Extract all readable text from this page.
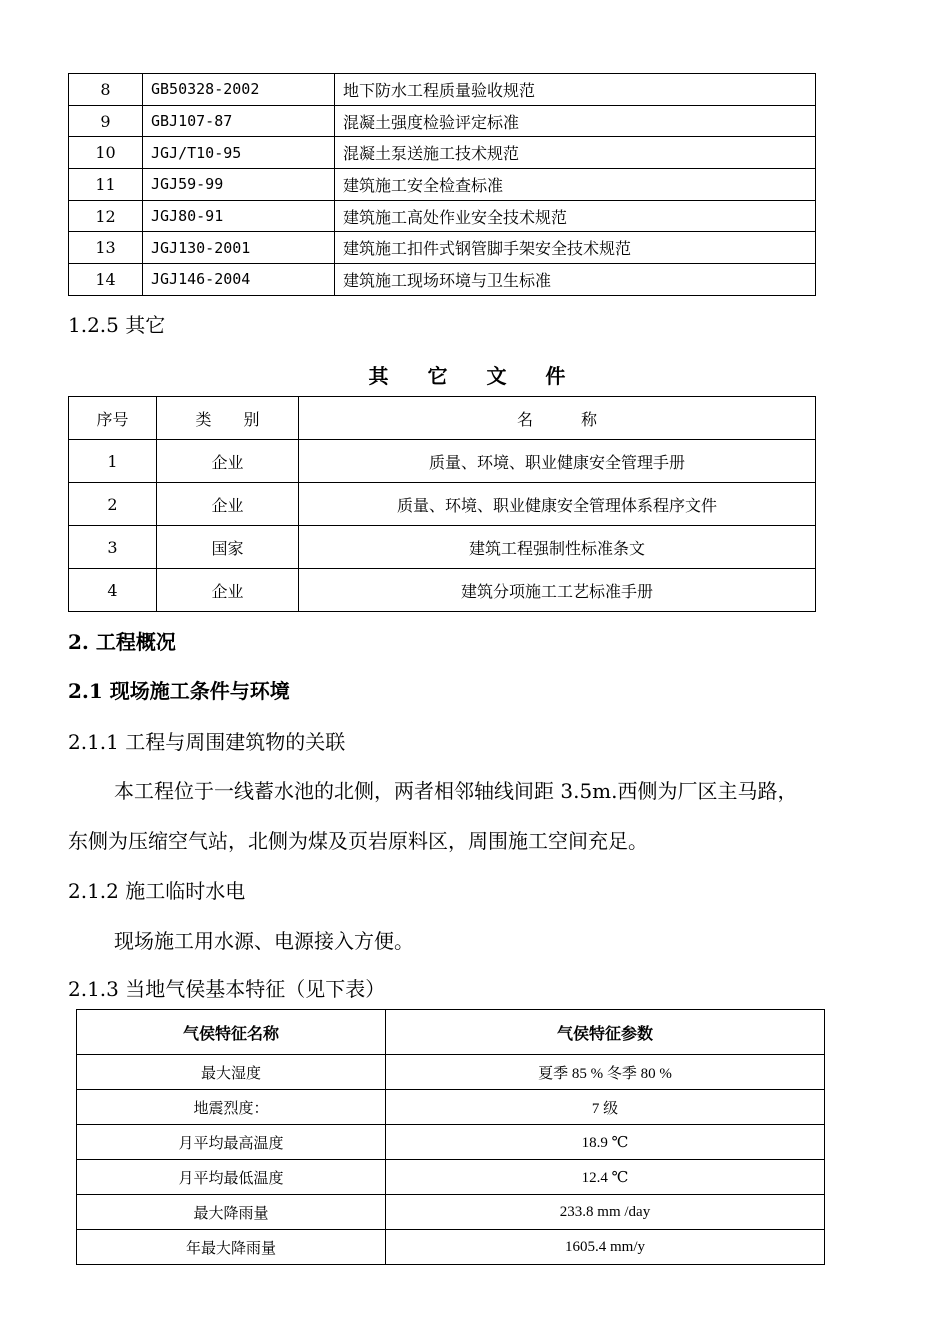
8	GB50328-2002	地下防水工程质量验收规范
9	GBJ107-87	混凝土强度检验评定标准
10	JGJ/T10-95	混凝土泵送施工技术规范
11	JGJ59-99	建筑施工安全检查标准
12	JGJ80-91	建筑施工高处作业安全技术规范
13	JGJ130-2001	建筑施工扣件式钢管脚手架安全技术规范
14	JGJ146-2004	建筑施工现场环境与卫生标准
1.2.5 其它
其 它 文 件
序号	类　　别	名　　　称
1	企业	质量、环境、职业健康安全管理手册
2	企业	质量、环境、职业健康安全管理体系程序文件
3	国家	建筑工程强制性标准条文
4	企业	建筑分项施工工艺标准手册
2. 工程概况
2.1 现场施工条件与环境
2.1.1 工程与周围建筑物的关联
本工程位于一线蓄水池的北侧，两者相邻轴线间距 3.5m.西侧为厂区主马路，
东侧为压缩空气站，北侧为煤及页岩原料区，周围施工空间充足。
2.1.2 施工临时水电
现场施工用水源、电源接入方便。
2.1.3 当地气侯基本特征（见下表）
气侯特征名称	气侯特征参数
最大湿度	夏季 85 % 冬季 80 %
地震烈度：	7 级
月平均最高温度	18.9 ℃
月平均最低温度	12.4 ℃
最大降雨量	233.8 mm /day
年最大降雨量	1605.4 mm/y
